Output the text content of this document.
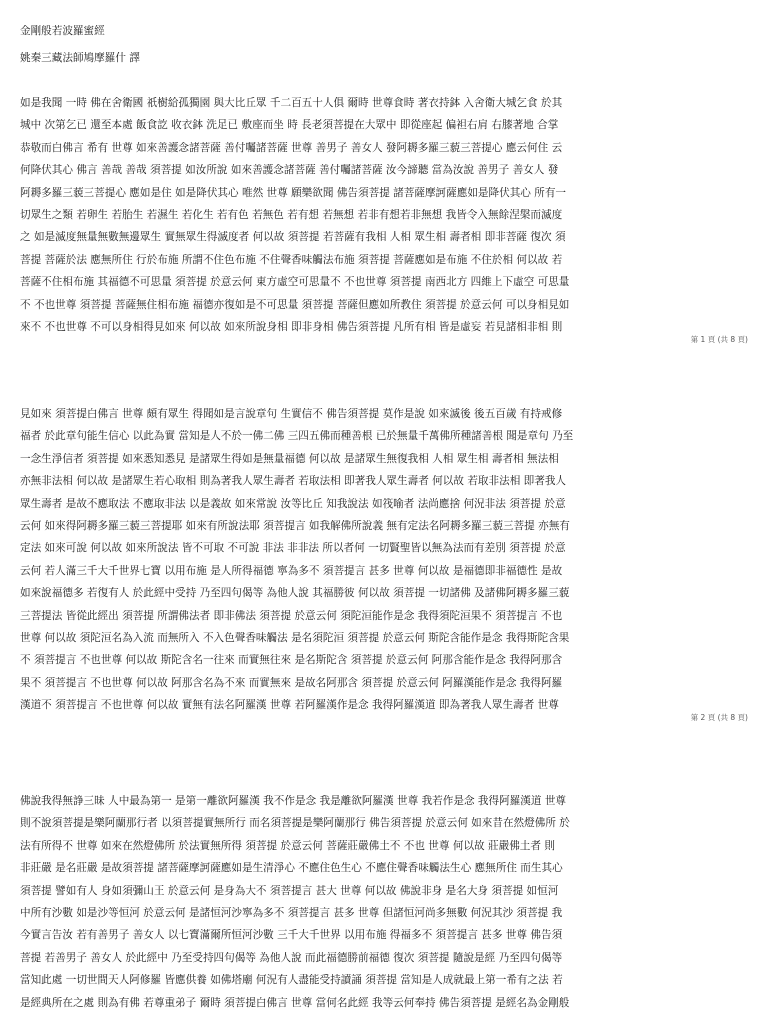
金剛般若波羅蜜經
姚秦三藏法師鳩摩羅什 譯
如是我聞 一時 佛在舍衛國 祇樹給孤獨園 與大比丘眾 千二百五十人俱 爾時 世尊食時 著衣持鉢 入舍衛大城乞食 於其
城中 次第乞已 還至本處 飯食訖 收衣鉢 洗足已 敷座而坐 時 長老須菩提在大眾中 即從座起 偏袒右肩 右膝著地 合掌
恭敬而白佛言 希有 世尊 如來善護念諸菩薩 善付囑諸菩薩 世尊 善男子 善女人 發阿耨多羅三藐三菩提心 應云何住 云
何降伏其心 佛言 善哉 善哉 須菩提 如汝所說 如來善護念諸菩薩 善付囑諸菩薩 汝今諦聽 當為汝說 善男子 善女人 發
阿耨多羅三藐三菩提心 應如是住 如是降伏其心 唯然 世尊 願樂欲聞 佛告須菩提 諸菩薩摩訶薩應如是降伏其心 所有一
切眾生之類 若卵生 若胎生 若濕生 若化生 若有色 若無色 若有想 若無想 若非有想若非無想 我皆令入無餘涅槃而滅度
之 如是滅度無量無數無邊眾生 實無眾生得滅度者 何以故 須菩提 若菩薩有我相 人相 眾生相 壽者相 即非菩薩 復次 須
菩提 菩薩於法 應無所住 行於布施 所謂不住色布施 不住聲香味觸法布施 須菩提 菩薩應如是布施 不住於相 何以故 若
菩薩不住相布施 其福德不可思量 須菩提 於意云何 東方虛空可思量不 不也世尊 須菩提 南西北方 四維上下虛空 可思量
不 不也世尊 須菩提 菩薩無住相布施 福德亦復如是不可思量 須菩提 菩薩但應如所教住 須菩提 於意云何 可以身相見如
來不 不也世尊 不可以身相得見如來 何以故 如來所說身相 即非身相 佛告須菩提 凡所有相 皆是虛妄 若見諸相非相 則
第 1 頁 (共 8 頁)
見如來 須菩提白佛言 世尊 頗有眾生 得聞如是言說章句 生實信不 佛告須菩提 莫作是說 如來滅後 後五百歲 有持戒修
福者 於此章句能生信心 以此為實 當知是人不於一佛二佛 三四五佛而種善根 已於無量千萬佛所種諸善根 聞是章句 乃至
一念生淨信者 須菩提 如來悉知悉見 是諸眾生得如是無量福德 何以故 是諸眾生無復我相 人相 眾生相 壽者相 無法相
亦無非法相 何以故 是諸眾生若心取相 則為著我人眾生壽者 若取法相 即著我人眾生壽者 何以故 若取非法相 即著我人
眾生壽者 是故不應取法 不應取非法 以是義故 如來常說 汝等比丘 知我說法 如筏喻者 法尚應捨 何況非法 須菩提 於意
云何 如來得阿耨多羅三藐三菩提耶 如來有所說法耶 須菩提言 如我解佛所說義 無有定法名阿耨多羅三藐三菩提 亦無有
定法 如來可說 何以故 如來所說法 皆不可取 不可說 非法 非非法 所以者何 一切賢聖皆以無為法而有差別 須菩提 於意
云何 若人滿三千大千世界七寶 以用布施 是人所得福德 寧為多不 須菩提言 甚多 世尊 何以故 是福德即非福德性 是故
如來說福德多 若復有人 於此經中受持 乃至四句偈等 為他人說 其福勝彼 何以故 須菩提 一切諸佛 及諸佛阿耨多羅三藐
三菩提法 皆從此經出 須菩提 所謂佛法者 即非佛法 須菩提 於意云何 須陀洹能作是念 我得須陀洹果不 須菩提言 不也
世尊 何以故 須陀洹名為入流 而無所入 不入色聲香味觸法 是名須陀洹 須菩提 於意云何 斯陀含能作是念 我得斯陀含果
不 須菩提言 不也世尊 何以故 斯陀含名一往來 而實無往來 是名斯陀含 須菩提 於意云何 阿那含能作是念 我得阿那含
果不 須菩提言 不也世尊 何以故 阿那含名為不來 而實無來 是故名阿那含 須菩提 於意云何 阿羅漢能作是念 我得阿羅
漢道不 須菩提言 不也世尊 何以故 實無有法名阿羅漢 世尊 若阿羅漢作是念 我得阿羅漢道 即為著我人眾生壽者 世尊
第 2 頁 (共 8 頁)
佛說我得無諍三昧 人中最為第一 是第一離欲阿羅漢 我不作是念 我是離欲阿羅漢 世尊 我若作是念 我得阿羅漢道 世尊
則不說須菩提是樂阿蘭那行者 以須菩提實無所行 而名須菩提是樂阿蘭那行 佛告須菩提 於意云何 如來昔在然燈佛所 於
法有所得不 世尊 如來在然燈佛所 於法實無所得 須菩提 於意云何 菩薩莊嚴佛土不 不也 世尊 何以故 莊嚴佛土者 則
非莊嚴 是名莊嚴 是故須菩提 諸菩薩摩訶薩應如是生清淨心 不應住色生心 不應住聲香味觸法生心 應無所住 而生其心
須菩提 譬如有人 身如須彌山王 於意云何 是身為大不 須菩提言 甚大 世尊 何以故 佛說非身 是名大身 須菩提 如恒河
中所有沙數 如是沙等恒河 於意云何 是諸恒河沙寧為多不 須菩提言 甚多 世尊 但諸恒河尚多無數 何況其沙 須菩提 我
今實言告汝 若有善男子 善女人 以七寶滿爾所恒河沙數 三千大千世界 以用布施 得福多不 須菩提言 甚多 世尊 佛告須
菩提 若善男子 善女人 於此經中 乃至受持四句偈等 為他人說 而此福德勝前福德 復次 須菩提 隨說是經 乃至四句偈等
當知此處 一切世間天人阿修羅 皆應供養 如佛塔廟 何況有人盡能受持讀誦 須菩提 當知是人成就最上第一希有之法 若
是經典所在之處 則為有佛 若尊重弟子 爾時 須菩提白佛言 世尊 當何名此經 我等云何奉持 佛告須菩提 是經名為金剛般
